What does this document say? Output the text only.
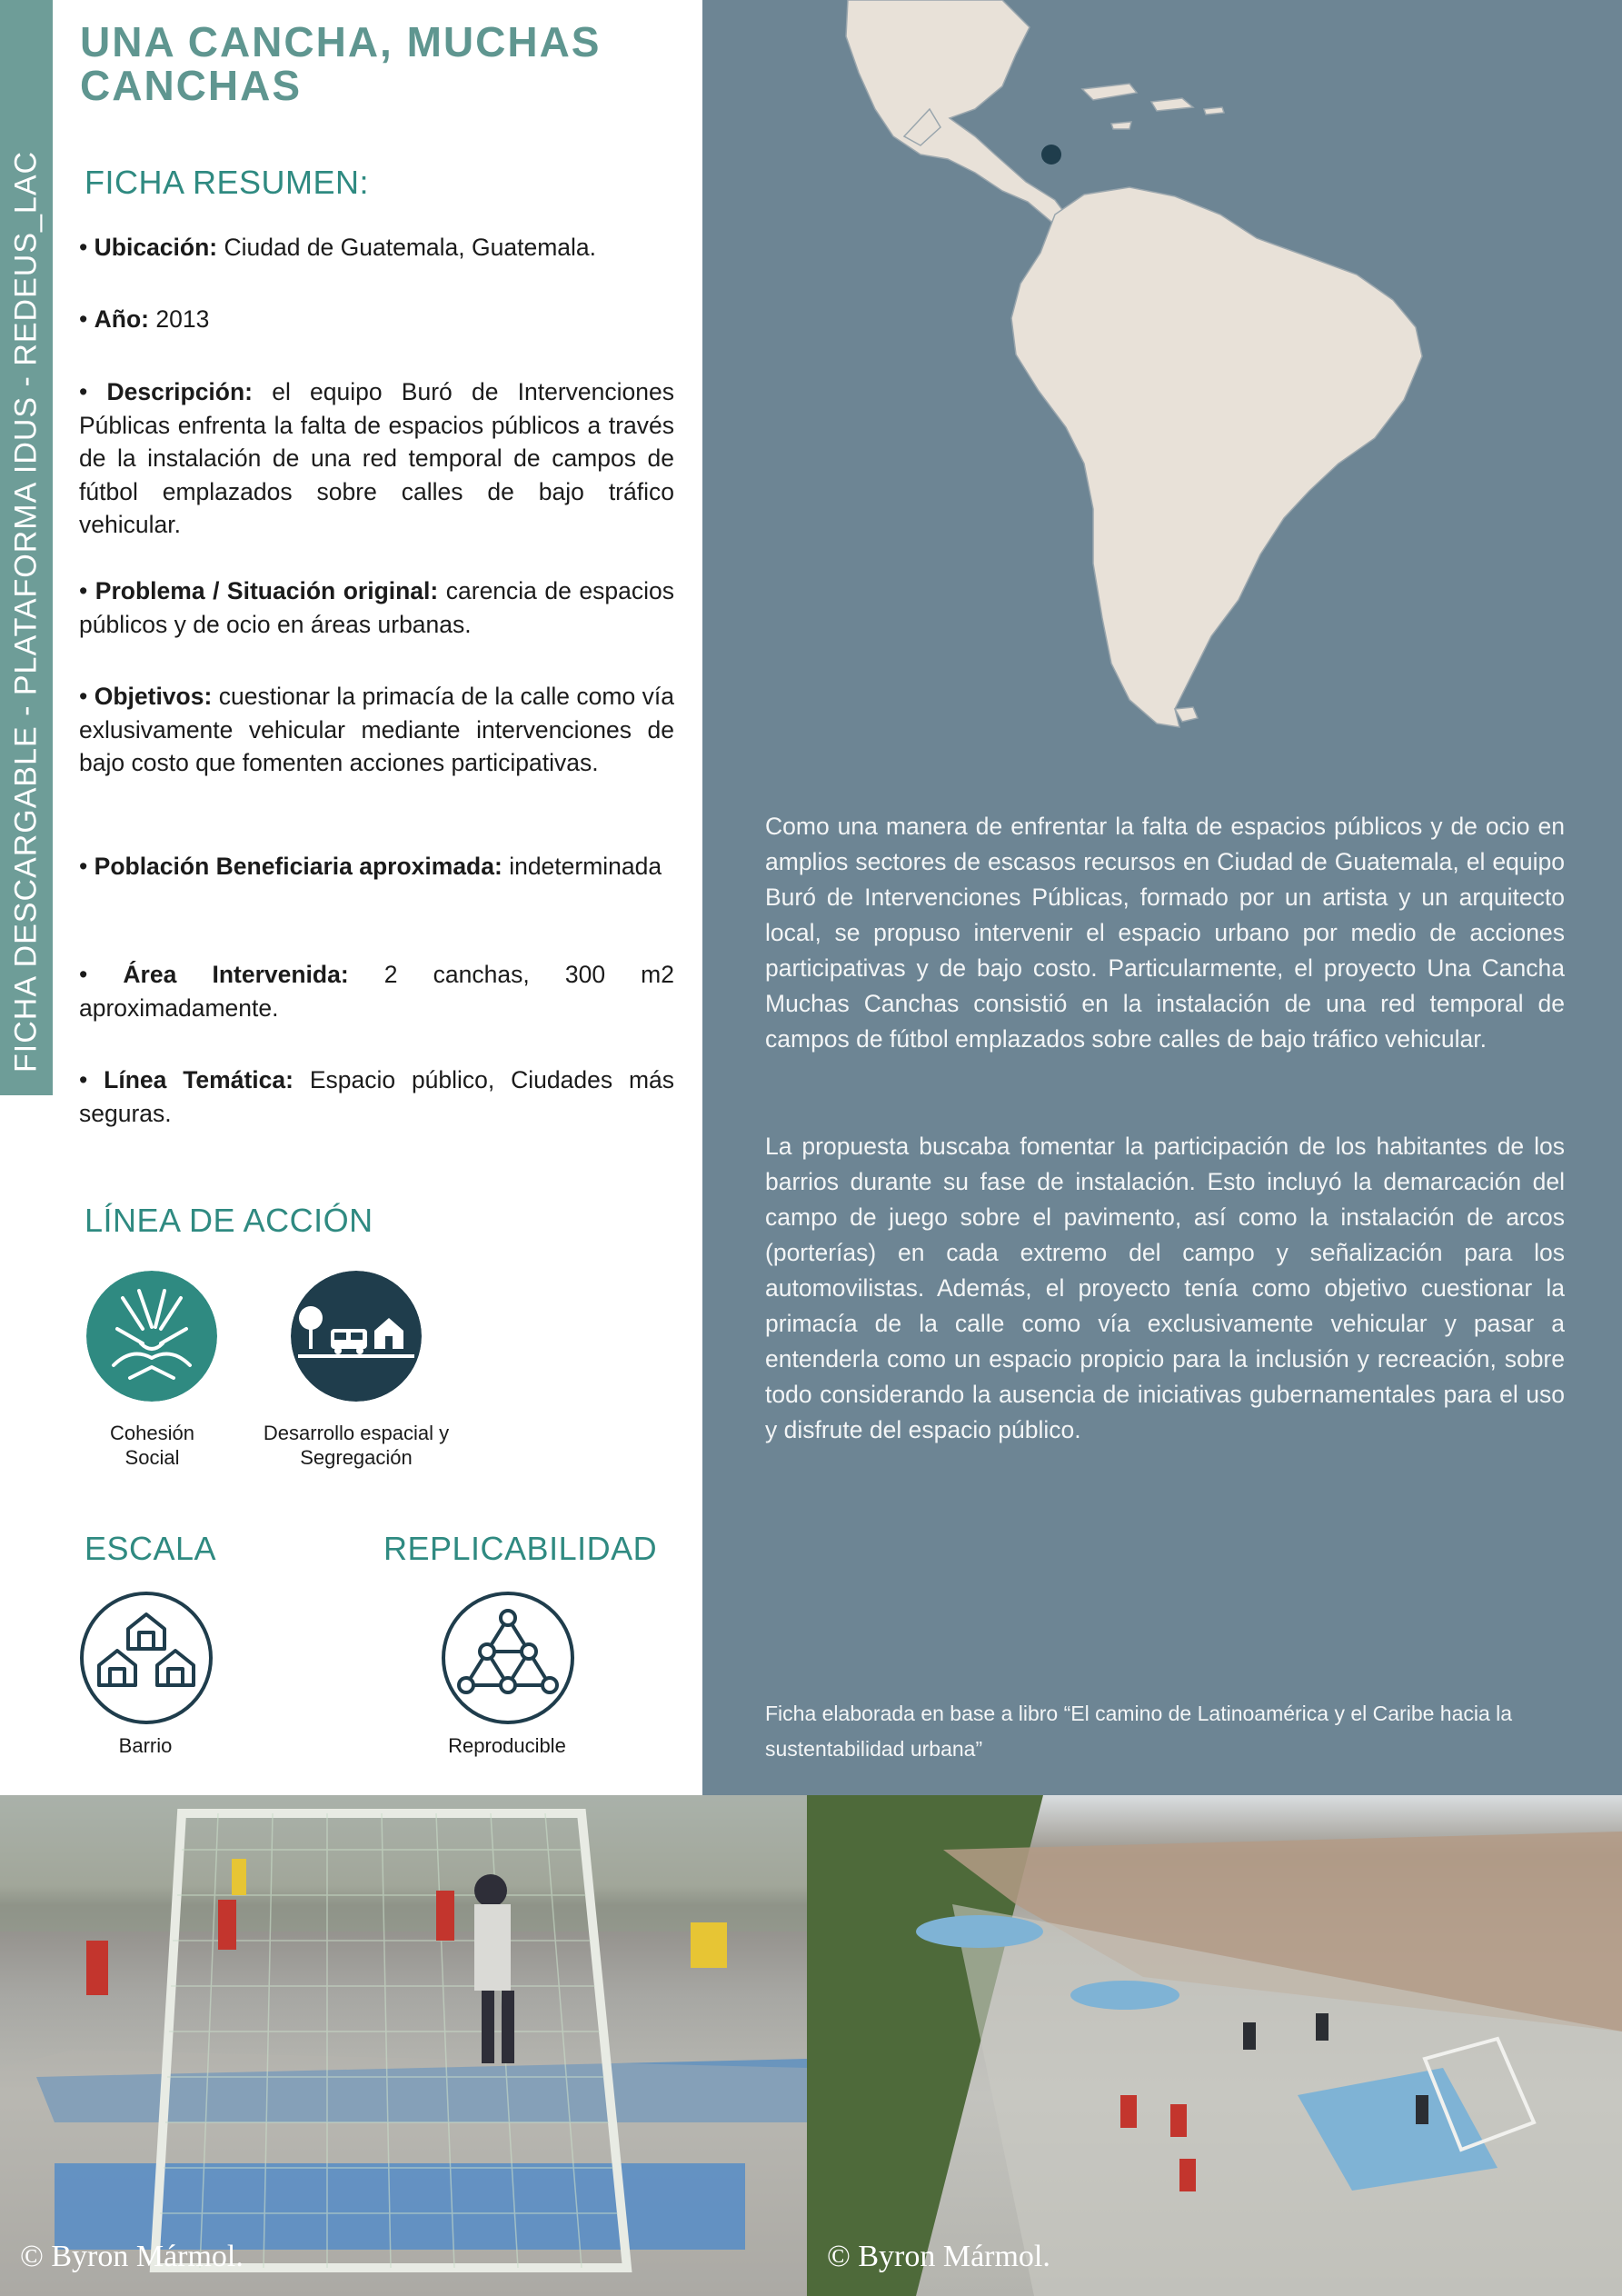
FICHA DESCARGABLE - PLATAFORMA IDUS - REDEUS_LAC
UNA CANCHA, MUCHAS CANCHAS
FICHA RESUMEN:
• Ubicación: Ciudad de Guatemala, Guatemala.
• Año: 2013
• Descripción: el equipo Buró de Intervenciones Públicas enfrenta la falta de espacios públicos a través de la instalación de una red temporal de campos de fútbol emplazados sobre calles de bajo tráfico vehicular.
• Problema / Situación original: carencia de espacios públicos y de ocio en áreas urbanas.
• Objetivos: cuestionar la primacía de la calle como vía exlusivamente vehicular mediante intervenciones de bajo costo que fomenten acciones participativas.
• Población Beneficiaria aproximada: indeterminada
• Área Intervenida: 2 canchas, 300 m2 aproximadamente.
• Línea Temática: Espacio público, Ciudades más seguras.
LÍNEA DE ACCIÓN
Cohesión
Social
Desarrollo espacial y
Segregación
ESCALA	REPLICABILIDAD
Barrio	Reproducible
Como una manera de enfrentar la falta de espacios públicos y de ocio en amplios sectores de escasos recursos en Ciudad de Guatemala, el equipo Buró de Intervenciones Públicas, formado por un artista y un arquitecto local, se propuso intervenir el espacio urbano por medio de acciones participativas y de bajo costo. Particularmente, el proyecto Una Cancha Muchas Canchas consistió en la instalación de una red temporal de campos de fútbol emplazados sobre calles de bajo tráfico vehicular.
La propuesta buscaba fomentar la participación de los habitantes de los barrios durante su fase de instalación. Esto incluyó la demarcación del campo de juego sobre el pavimento, así como la instalación de arcos (porterías) en cada extremo del campo y señalización para los automovilistas. Además, el proyecto tenía como objetivo cuestionar la primacía de la calle como vía exclusivamente vehicular y pasar a entenderla como un espacio propicio para la inclusión y recreación, sobre todo considerando la ausencia de iniciativas gubernamentales para el uso y disfrute del espacio público.
Ficha elaborada en base a libro “El camino de Latinoamérica y el Caribe hacia la sustentabilidad urbana”
© Byron Mármol.	© Byron Mármol.
